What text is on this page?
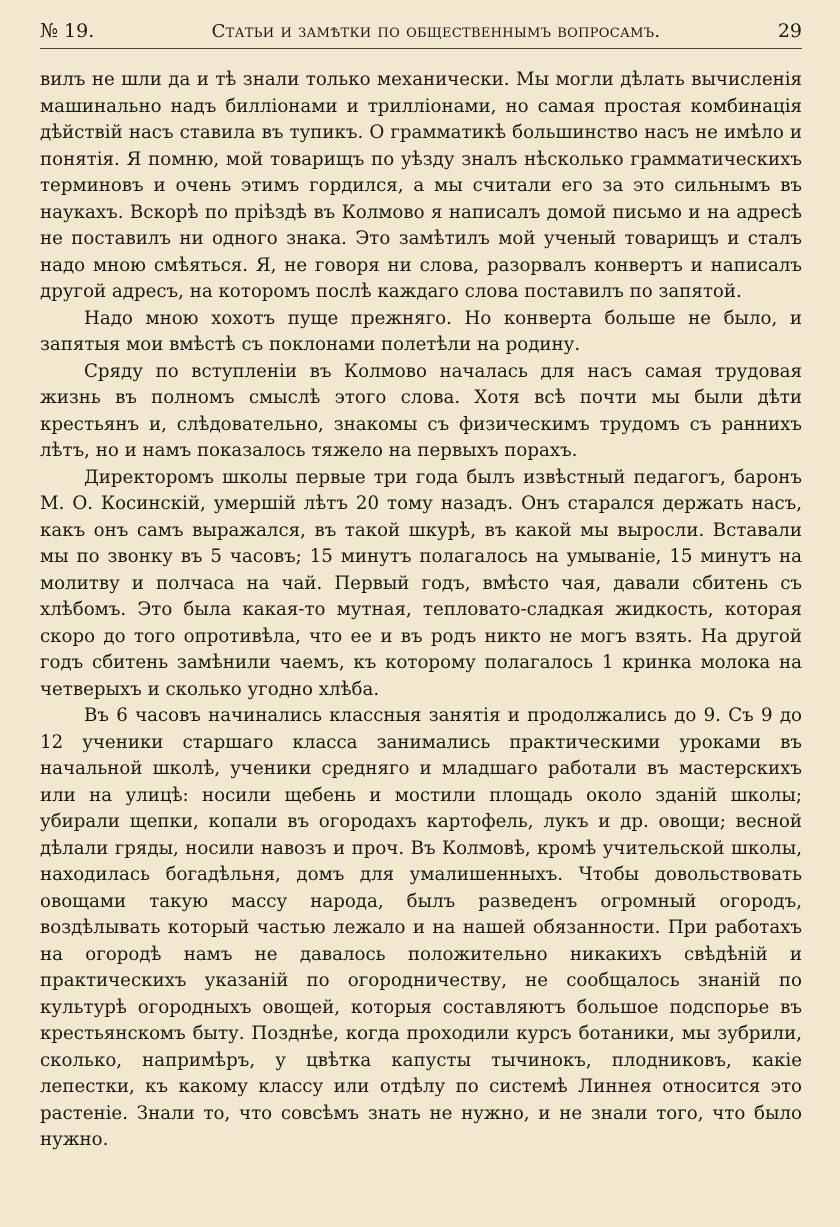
№ 19.	Статьи и замѣтки по общественнымъ вопросамъ.	29

вилъ не шли да и тѣ знали только механически. Мы могли дѣлать вычисленія машинально надъ билліонами и трилліонами, но самая простая комбинація дѣйствій насъ ставила въ тупикъ. О грамматикѣ большинство насъ не имѣло и понятія. Я помню, мой товарищъ по уѣзду зналъ нѣсколько грамматическихъ терминовъ и очень этимъ гордился, а мы считали его за это сильнымъ въ наукахъ. Вскорѣ по пріѣздѣ въ Колмово я написалъ домой письмо и на адресѣ не поставилъ ни одного знака. Это замѣтилъ мой ученый товарищъ и сталъ надо мною смѣяться. Я, не говоря ни слова, разорвалъ конвертъ и написалъ другой адресъ, на которомъ послѣ каждаго слова поставилъ по запятой.

Надо мною хохотъ пуще прежняго. Но конверта больше не было, и запятыя мои вмѣстѣ съ поклонами полетѣли на родину.

Сряду по вступленіи въ Колмово началась для насъ самая трудовая жизнь въ полномъ смыслѣ этого слова. Хотя всѣ почти мы были дѣти крестьянъ и, слѣдовательно, знакомы съ физическимъ трудомъ съ раннихъ лѣтъ, но и намъ показалось тяжело на первыхъ порахъ.

Директоромъ школы первые три года былъ извѣстный педагогъ, баронъ М. О. Косинскій, умершій лѣтъ 20 тому назадъ. Онъ старался держать насъ, какъ онъ самъ выражался, въ такой шкурѣ, въ какой мы выросли. Вставали мы по звонку въ 5 часовъ; 15 минутъ полагалось на умываніе, 15 минутъ на молитву и полчаса на чай. Первый годъ, вмѣсто чая, давали сбитень съ хлѣбомъ. Это была какая-то мутная, тепловато-сладкая жидкость, которая скоро до того опротивѣла, что ее и въ родъ никто не могъ взять. На другой годъ сбитень замѣнили чаемъ, къ которому полагалось 1 кринка молока на четверыхъ и сколько угодно хлѣба.

Въ 6 часовъ начинались классныя занятія и продолжались до 9. Съ 9 до 12 ученики старшаго класса занимались практическими уроками въ начальной школѣ, ученики средняго и младшаго работали въ мастерскихъ или на улицѣ: носили щебень и мостили площадь около зданій школы; убирали щепки, копали въ огородахъ картофель, лукъ и др. овощи; весной дѣлали гряды, носили навозъ и проч. Въ Колмовѣ, кромѣ учительской школы, находилась богадѣльня, домъ для умалишенныхъ. Чтобы довольствовать овощами такую массу народа, былъ разведенъ огромный огородъ, воздѣлывать который частью лежало и на нашей обязанности. При работахъ на огородѣ намъ не давалось положительно никакихъ свѣдѣній и практическихъ указаній по огородничеству, не сообщалось знаній по культурѣ огородныхъ овощей, которыя составляютъ большое подспорье въ крестьянскомъ быту. Позднѣе, когда проходили курсъ ботаники, мы зубрили, сколько, напримѣръ, у цвѣтка капусты тычинокъ, плодниковъ, какіе лепестки, къ какому классу или отдѣлу по системѣ Линнея относится это растеніе. Знали то, что совсѣмъ знать не нужно, и не знали того, что было нужно.
